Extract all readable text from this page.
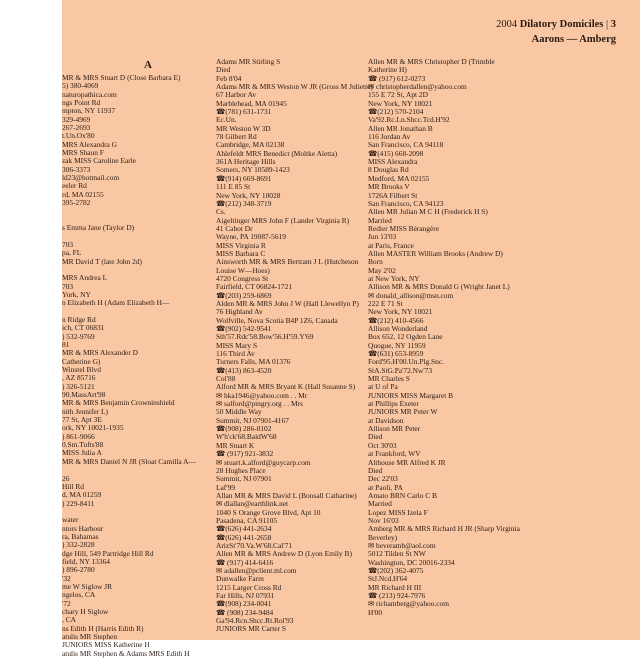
2004 Dilatory Domiciles | 3
Aarons — Amberg
A
MR & MRS Stuart D (Close Barbara E)
5) 380-4069
naturopathica.com
ngs Point Rd
mpton, NY 11937
329-4969
267-2693
t.Un.Ox'80
MRS Alexandra G
MRS Shaun F
zak MISS Caroline Earle
306-3373
ld23@hotmail.com
eeler Rd
rd, MA 02155
395-2782

s Emma Jane (Taylor D)

703
pa, FL
MR David T (late John 2d)

MRS Andrea L
703
York, NY
n Elizabeth H (Adam Elizabeth H—

n Ridge Rd
ich, CT 06831
) 532-9769
81
MR & MRS Alexander D
Catherine G)
Winstel Blvd
, AZ 85716
) 326-5121
90.MassArt'98
MR & MRS Benjamin Crowninshield
nith Jennifer L)
77 St, Apt 3E
ork, NY 10021-1935
) 861-9066
0.Sm.Tufts'88
MISS Julia A
MR & MRS Daniel N JR (Sloat Camilla A—

26
Hill Rd
d, MA 01259
) 229-8411

water
ntors Harbour
ra, Bahamas
) 332-2828
dge Hill, 549 Partridge Hill Rd
field, NY 13364
) 896-2780
'32
me W Siglow JR
ngelos, CA
'72
chary H Siglow
, CA
ns Edith H (Harris Edith R)
atulis MR Stephen
JUNIORS MISS Katherine H
atulis MR Stephen & Adams MRS Edith H
Adams MR Stirling S
Died
Feb 8'04
Adams MR & MRS Weston W JR (Gross M Juliette)
67 Harbor Av
Marblehead, MA 01945
☎(781) 631-1731
Ec.Un.
MR Weston W 3D
78 Gilbert Rd
Cambridge, MA 02138
Ahlefeldt MRS Benedict (Moltke Aletta)
361A Heritage Hills
Somers, NY 10589-1423
☎(914) 669-8691
111 E 85 St
New York, NY 10028
☎(212) 348-3719
Cs.
Aigeltinger MRS John F (Lander Virginia R)
41 Cabot Dr
Wayne, PA 19087-5619
MISS Virginia R
MISS Barbara C
Ainsworth MR & MRS Bertram J L (Hutcheson
Louise W—Hoes)
4720 Congress St
Fairfield, CT 06824-1721
☎(203) 259-6869
Alden MR & MRS John J W (Hall Llewellyn P)
76 Highland Av
Wolfville, Nova Scotia B4P 1Z6, Canada
☎(902) 542-9541
Sth'57.Rdc'58.Bow'56.H'59.Y'69
MISS Mary S
116 Third Av
Turners Falls, MA 01376
☎(413) 863-4520
Col'88
Alford MR & MRS Bryant K (Hall Susanne S)
✉ hka1946@yahoo.com . . Mr
✉ salford@pingry.org . . Mrs
50 Middle Way
Summit, NJ 07901-4167
☎(908) 286-0102
W'h'ck'68.BaldW'68
MR Stuart K
☎ (917) 921-3832
✉ stuart.k.alford@guycarp.com
28 Hughes Place
Summit, NJ 07901
Laf'99
Allan MR & MRS David L (Bonsall Catharine)
✉ dlallan@earthlink.net
1040 S Orange Grove Blvd, Apt 10
Pasadena, CA 91105
☎(626) 441-2634
☎(626) 441-2658
ArizSt'70.Va.W'68.Cal'71
Allen MR & MRS Andrew D (Lyon Emily B)
☎ (917) 414-6416
✉ adallen@pclient.ml.com
Dunwalke Farm
1215 Larger Cross Rd
Far Hills, NJ 07931
☎(908) 234-0041
☎ (908) 234-9484
Ga'94.Rcn.Shcc.Rt.Rol'93
JUNIORS MR Carter S
Allen MR & MRS Christopher D (Trimble
Katherine H)
☎ (917) 612-0273
✉ christopherdallen@yahoo.com
155 E 72 St, Apt 2D
New York, NY 10021
☎(212) 570-2104
Va'92.Rc.Ln.Shcc.Tcd.H'92
Allen MR Jonathan B
116 Jordan Av
San Francisco, CA 94118
☎(415) 668-2098
MISS Alexandra
8 Douglas Rd
Medford, MA 02155
MR Brooks V
1726A Filbert St
San Francisco, CA 94123
Allen MR Julian M C H (Frederick H S)
Married
Redier MISS Bérangère
Jun 13'03
at Paris, France
Allen MASTER William Brooks (Andrew D)
Born
May 2'02
at New York, NY
Allison MR & MRS Donald G (Wright Janet L)
✉ donald_allison@msn.com
222 E 71 St
New York, NY 10021
☎(212) 410-4566
Allison Wonderland
Box 652, 12 Ogden Lane
Quogue, NY 11959
☎(631) 653-8959
Ford'95.H'00.Un.Plg.Snc.
StA.StG.Pa'72.Nw'73
MR Charles S
at U of Pa
JUNIORS MISS Margaret B
at Phillips Exeter
JUNIORS MR Peter W
at Davidson
Allison MR Peter
Died
Oct 30'03
at Frankford, WV
Althouse MR Alfred K JR
Died
Dec 22'03
at Paoli, PA
Amato BRN Carlo C B
Married
Lopez MISS Izela F
Nov 16'03
Amberg MR & MRS Richard H JR (Sharp Virginia
Beverley)
✉ beveramb@aol.com
5012 Tilden St NW
Washington, DC 20016-2334
☎(202) 362-4075
StJ.Ncd.H'64
MR Richard H III
☎ (213) 924-7976
✉ richamberg@yahoo.com
H'00
